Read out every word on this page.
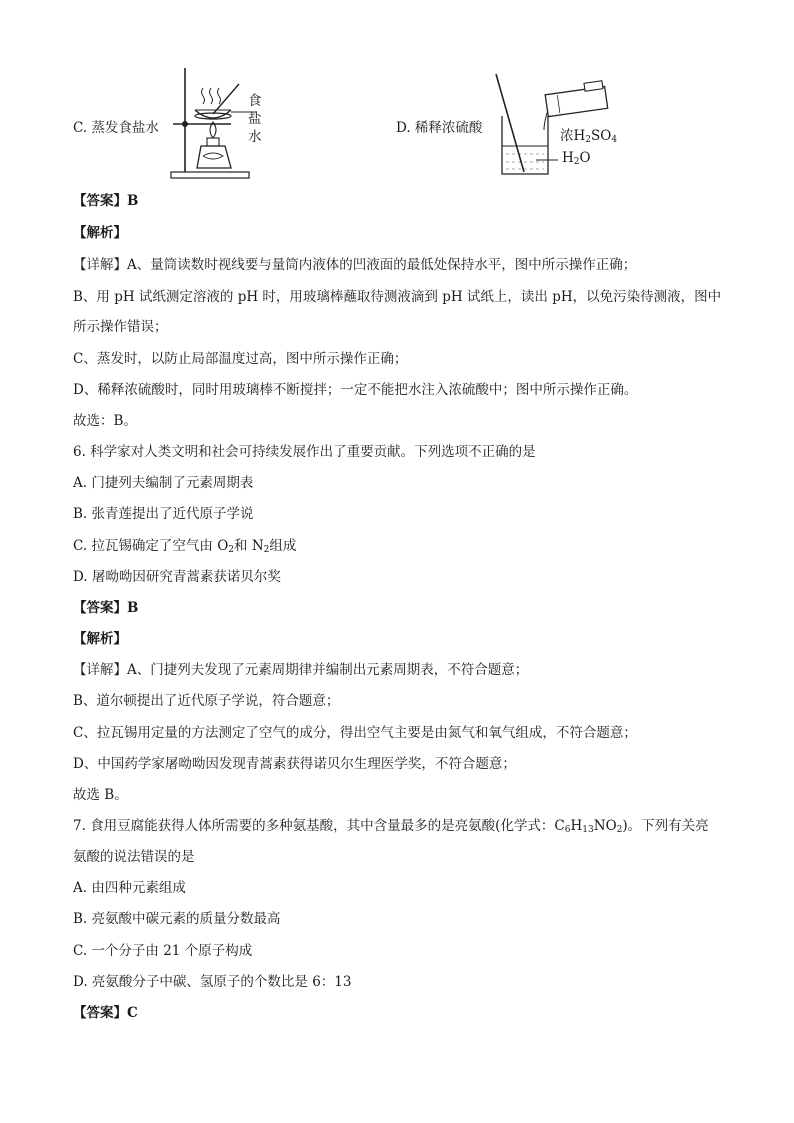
C. 蒸发食盐水
食
盐
水
D. 稀释浓硫酸	浓$H_2SO_4$
$H_2O$
【答案】B
【解析】
【详解】A、量筒读数时视线要与量筒内液体的凹液面的最低处保持水平，图中所示操作正确；
B、用 pH 试纸测定溶液的 pH 时，用玻璃棒蘸取待测液滴到 pH 试纸上，读出 pH，以免污染待测液，图中
所示操作错误；
C、蒸发时，以防止局部温度过高，图中所示操作正确；
D、稀释浓硫酸时，同时用玻璃棒不断搅拌；一定不能把水注入浓硫酸中；图中所示操作正确。
故选：B。
6. 科学家对人类文明和社会可持续发展作出了重要贡献。下列选项不正确的是
A. 门捷列夫编制了元素周期表
B. 张青莲提出了近代原子学说
C. 拉瓦锡确定了空气由 $O_2$和 $N_2$组成
D. 屠呦呦因研究青蒿素获诺贝尔奖
【答案】B
【解析】
【详解】A、门捷列夫发现了元素周期律并编制出元素周期表，不符合题意；
B、道尔顿提出了近代原子学说，符合题意；
C、拉瓦锡用定量的方法测定了空气的成分，得出空气主要是由氮气和氧气组成，不符合题意；
D、中国药学家屠呦呦因发现青蒿素获得诺贝尔生理医学奖，不符合题意；
故选 B。
7. 食用豆腐能获得人体所需要的多种氨基酸，其中含量最多的是亮氨酸(化学式：$C_6H_{13}NO_2$)。下列有关亮
氨酸的说法错误的是
A. 由四种元素组成
B. 亮氨酸中碳元素的质量分数最高
C. 一个分子由 21 个原子构成
D. 亮氨酸分子中碳、氢原子的个数比是 6：13
【答案】C
